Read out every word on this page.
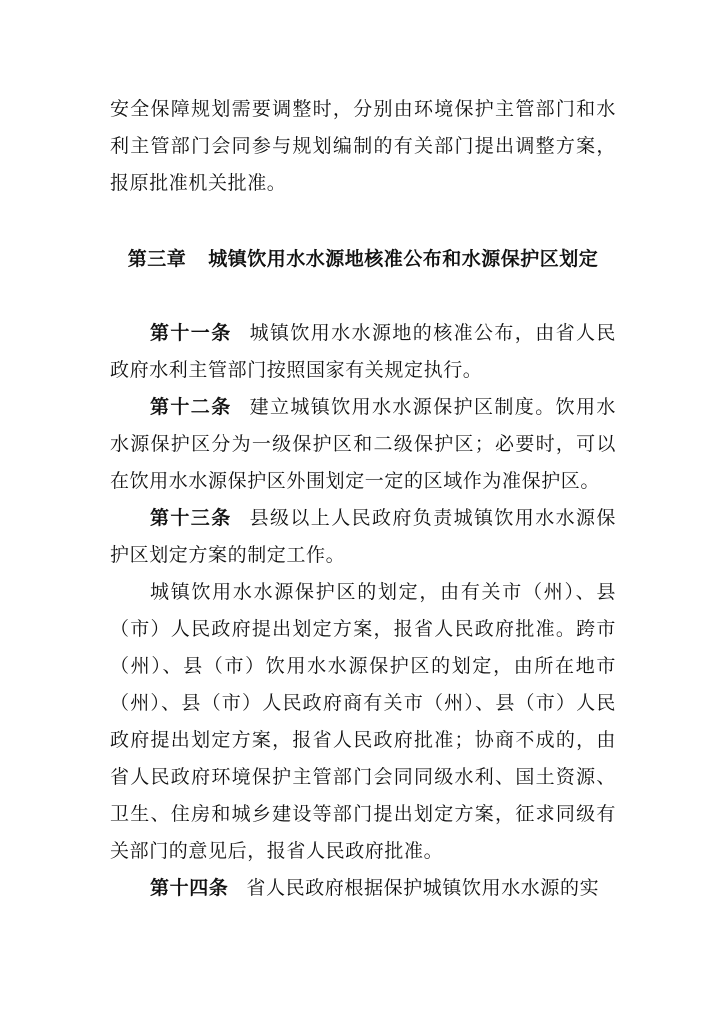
安全保障规划需要调整时，分别由环境保护主管部门和水利主管部门会同参与规划编制的有关部门提出调整方案，报原批准机关批准。

第三章 城镇饮用水水源地核准公布和水源保护区划定

第十一条 城镇饮用水水源地的核准公布，由省人民政府水利主管部门按照国家有关规定执行。

第十二条 建立城镇饮用水水源保护区制度。饮用水水源保护区分为一级保护区和二级保护区；必要时，可以在饮用水水源保护区外围划定一定的区域作为准保护区。

第十三条 县级以上人民政府负责城镇饮用水水源保护区划定方案的制定工作。

城镇饮用水水源保护区的划定，由有关市（州）、县（市）人民政府提出划定方案，报省人民政府批准。跨市（州）、县（市）饮用水水源保护区的划定，由所在地市（州）、县（市）人民政府商有关市（州）、县（市）人民政府提出划定方案，报省人民政府批准；协商不成的，由省人民政府环境保护主管部门会同同级水利、国土资源、卫生、住房和城乡建设等部门提出划定方案，征求同级有关部门的意见后，报省人民政府批准。

第十四条 省人民政府根据保护城镇饮用水水源的实
